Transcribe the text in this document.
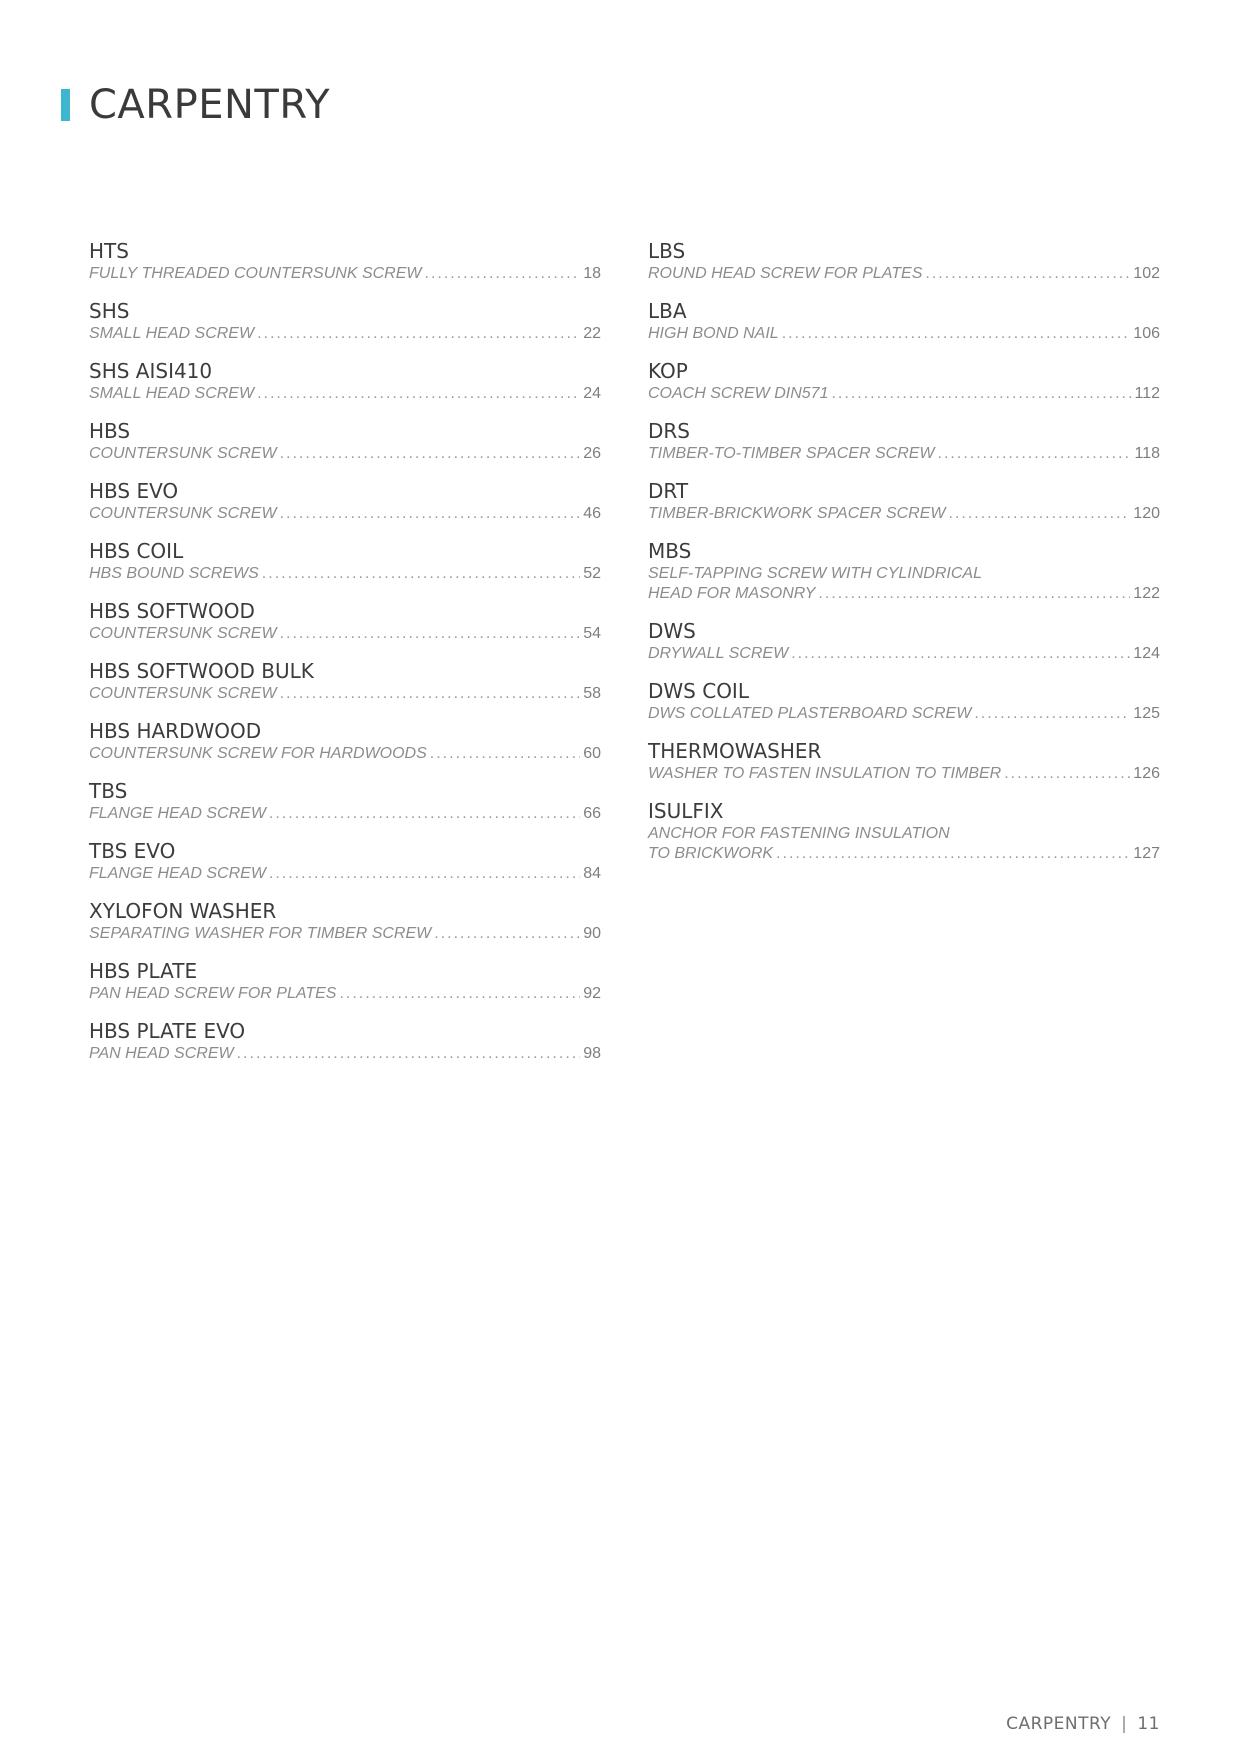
CARPENTRY
HTS
FULLY THREADED COUNTERSUNK SCREW .....	18
SHS
SMALL HEAD SCREW .....	22
SHS AISI410
SMALL HEAD SCREW .....	24
HBS
COUNTERSUNK SCREW .....	26
HBS EVO
COUNTERSUNK SCREW .....	46
HBS COIL
HBS BOUND SCREWS .....	52
HBS SOFTWOOD
COUNTERSUNK SCREW .....	54
HBS SOFTWOOD BULK
COUNTERSUNK SCREW .....	58
HBS HARDWOOD
COUNTERSUNK SCREW FOR HARDWOODS .....	60
TBS
FLANGE HEAD SCREW .....	66
TBS EVO
FLANGE HEAD SCREW .....	84
XYLOFON WASHER
SEPARATING WASHER FOR TIMBER SCREW .....	90
HBS PLATE
PAN HEAD SCREW FOR PLATES .....	92
HBS PLATE EVO
PAN HEAD SCREW .....	98
LBS
ROUND HEAD SCREW FOR PLATES .....	102
LBA
HIGH BOND NAIL .....	106
KOP
COACH SCREW DIN571 .....	112
DRS
TIMBER-TO-TIMBER SPACER SCREW .....	118
DRT
TIMBER-BRICKWORK SPACER SCREW .....	120
MBS
SELF-TAPPING SCREW WITH CYLINDRICAL
HEAD FOR MASONRY .....	122
DWS
DRYWALL SCREW .....	124
DWS COIL
DWS COLLATED PLASTERBOARD SCREW .....	125
THERMOWASHER
WASHER TO FASTEN INSULATION TO TIMBER .....	126
ISULFIX
ANCHOR FOR FASTENING INSULATION
TO BRICKWORK .....	127
CARPENTRY | 11
